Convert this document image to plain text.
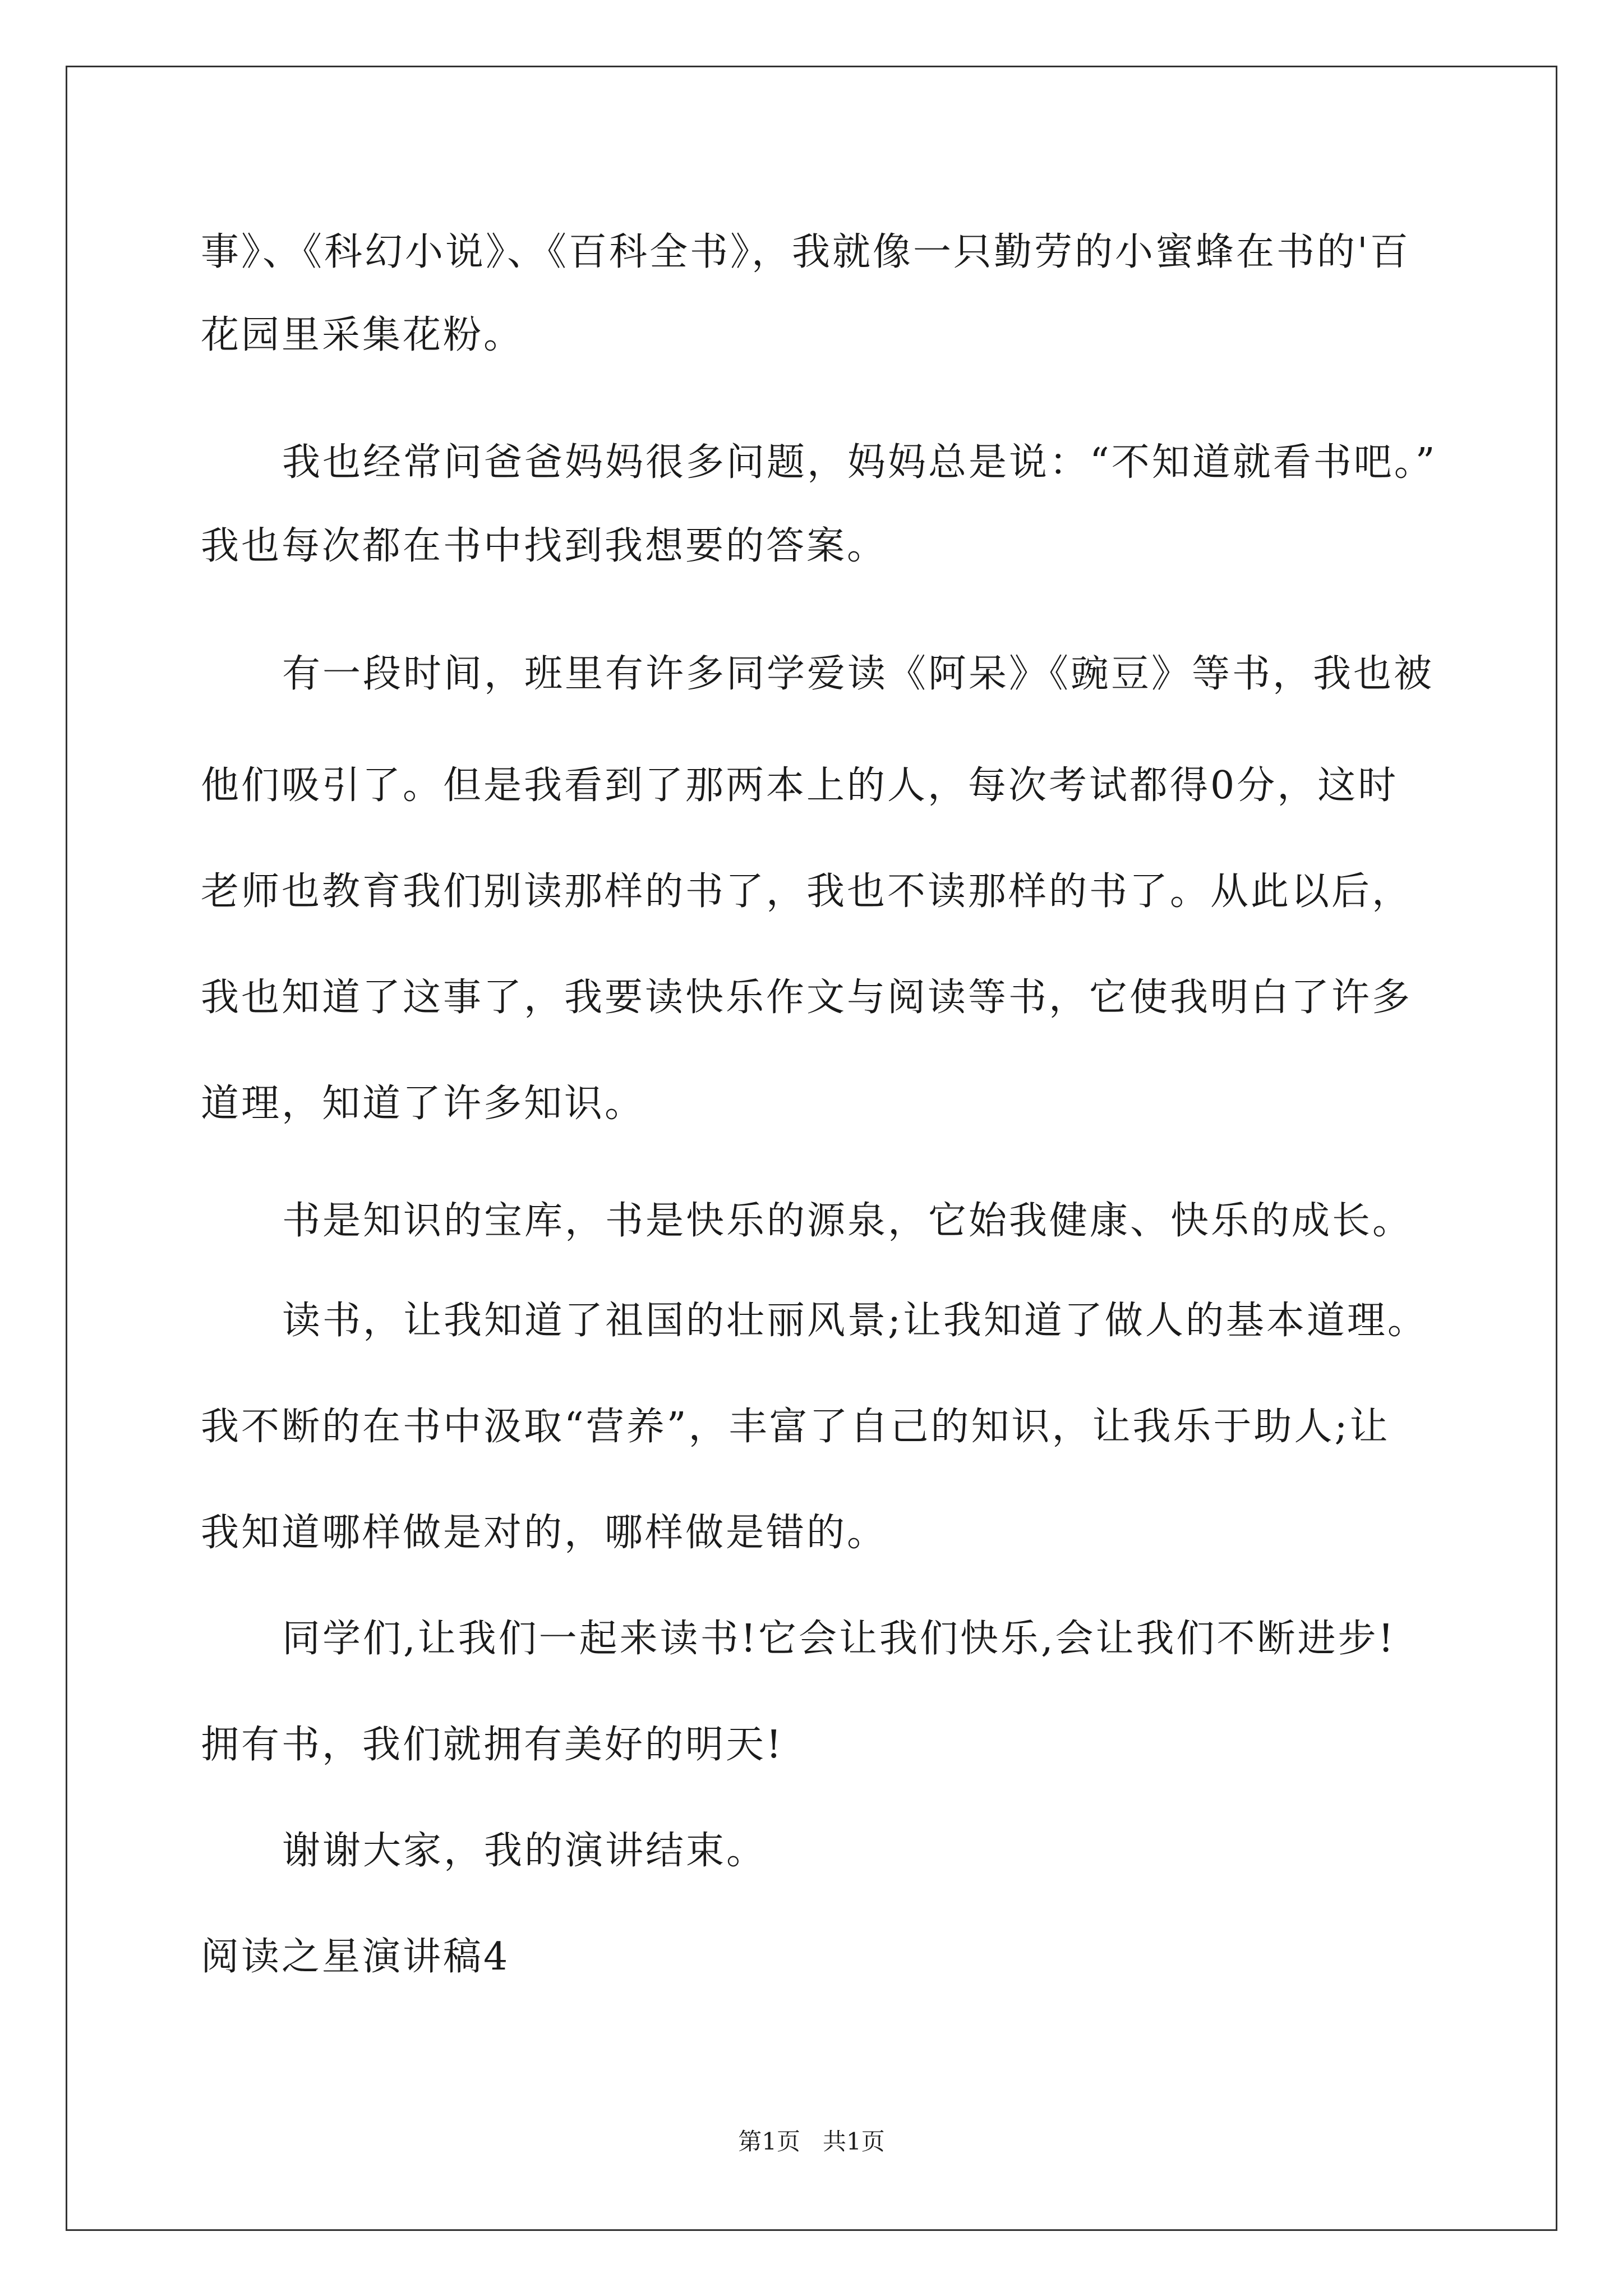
事》、《科幻小说》、《百科全书》，我就像一只勤劳的小蜜蜂在书的'百
花园里采集花粉。
我也经常问爸爸妈妈很多问题，妈妈总是说：“不知道就看书吧。”
我也每次都在书中找到我想要的答案。
有一段时间，班里有许多同学爱读《阿呆》《豌豆》等书，我也被
他们吸引了。但是我看到了那两本上的人，每次考试都得0分，这时
老师也教育我们别读那样的书了，我也不读那样的书了。从此以后，
我也知道了这事了，我要读快乐作文与阅读等书，它使我明白了许多
道理，知道了许多知识。
书是知识的宝库，书是快乐的源泉，它始我健康、快乐的成长。
读书，让我知道了祖国的壮丽风景;让我知道了做人的基本道理。
我不断的在书中汲取“营养”，丰富了自己的知识，让我乐于助人;让
我知道哪样做是对的，哪样做是错的。
同学们,让我们一起来读书!它会让我们快乐,会让我们不断进步!
拥有书，我们就拥有美好的明天!
谢谢大家，我的演讲结束。
阅读之星演讲稿4
第1页   共1页
